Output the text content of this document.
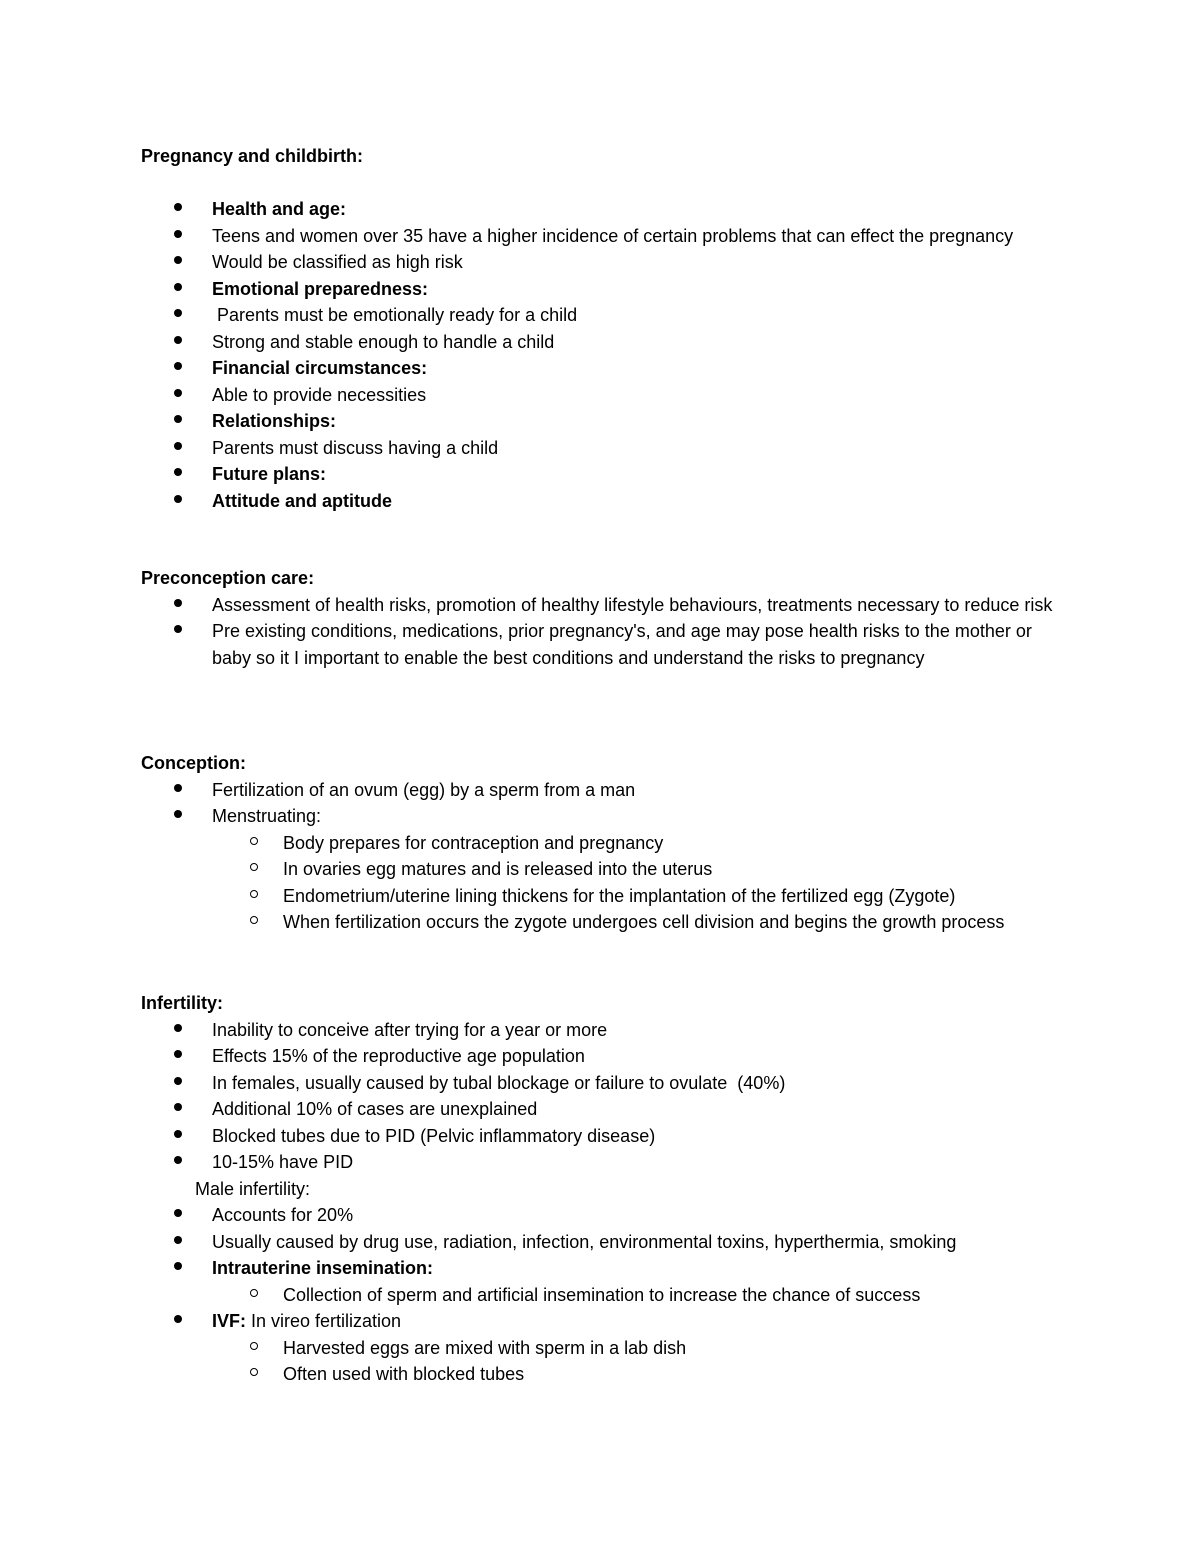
Pregnancy and childbirth:

Health and age:
Teens and women over 35 have a higher incidence of certain problems that can effect the pregnancy
Would be classified as high risk
Emotional preparedness:
Parents must be emotionally ready for a child
Strong and stable enough to handle a child
Financial circumstances:
Able to provide necessities
Relationships:
Parents must discuss having a child
Future plans:
Attitude and aptitude

Preconception care:

Assessment of health risks, promotion of healthy lifestyle behaviours, treatments necessary to reduce risk
Pre existing conditions, medications, prior pregnancy's, and age may pose health risks to the mother or baby so it I important to enable the best conditions and understand the risks to pregnancy

Conception:

Fertilization of an ovum (egg) by a sperm from a man
Menstruating:
Body prepares for contraception and pregnancy
In ovaries egg matures and is released into the uterus
Endometrium/uterine lining thickens for the implantation of the fertilized egg (Zygote)
When fertilization occurs the zygote undergoes cell division and begins the growth process

Infertility:

Inability to conceive after trying for a year or more
Effects 15% of the reproductive age population
In females, usually caused by tubal blockage or failure to ovulate  (40%)
Additional 10% of cases are unexplained
Blocked tubes due to PID (Pelvic inflammatory disease)
10-15% have PID
Male infertility:
Accounts for 20%
Usually caused by drug use, radiation, infection, environmental toxins, hyperthermia, smoking
Intrauterine insemination:
Collection of sperm and artificial insemination to increase the chance of success
IVF: In vireo fertilization
Harvested eggs are mixed with sperm in a lab dish
Often used with blocked tubes
